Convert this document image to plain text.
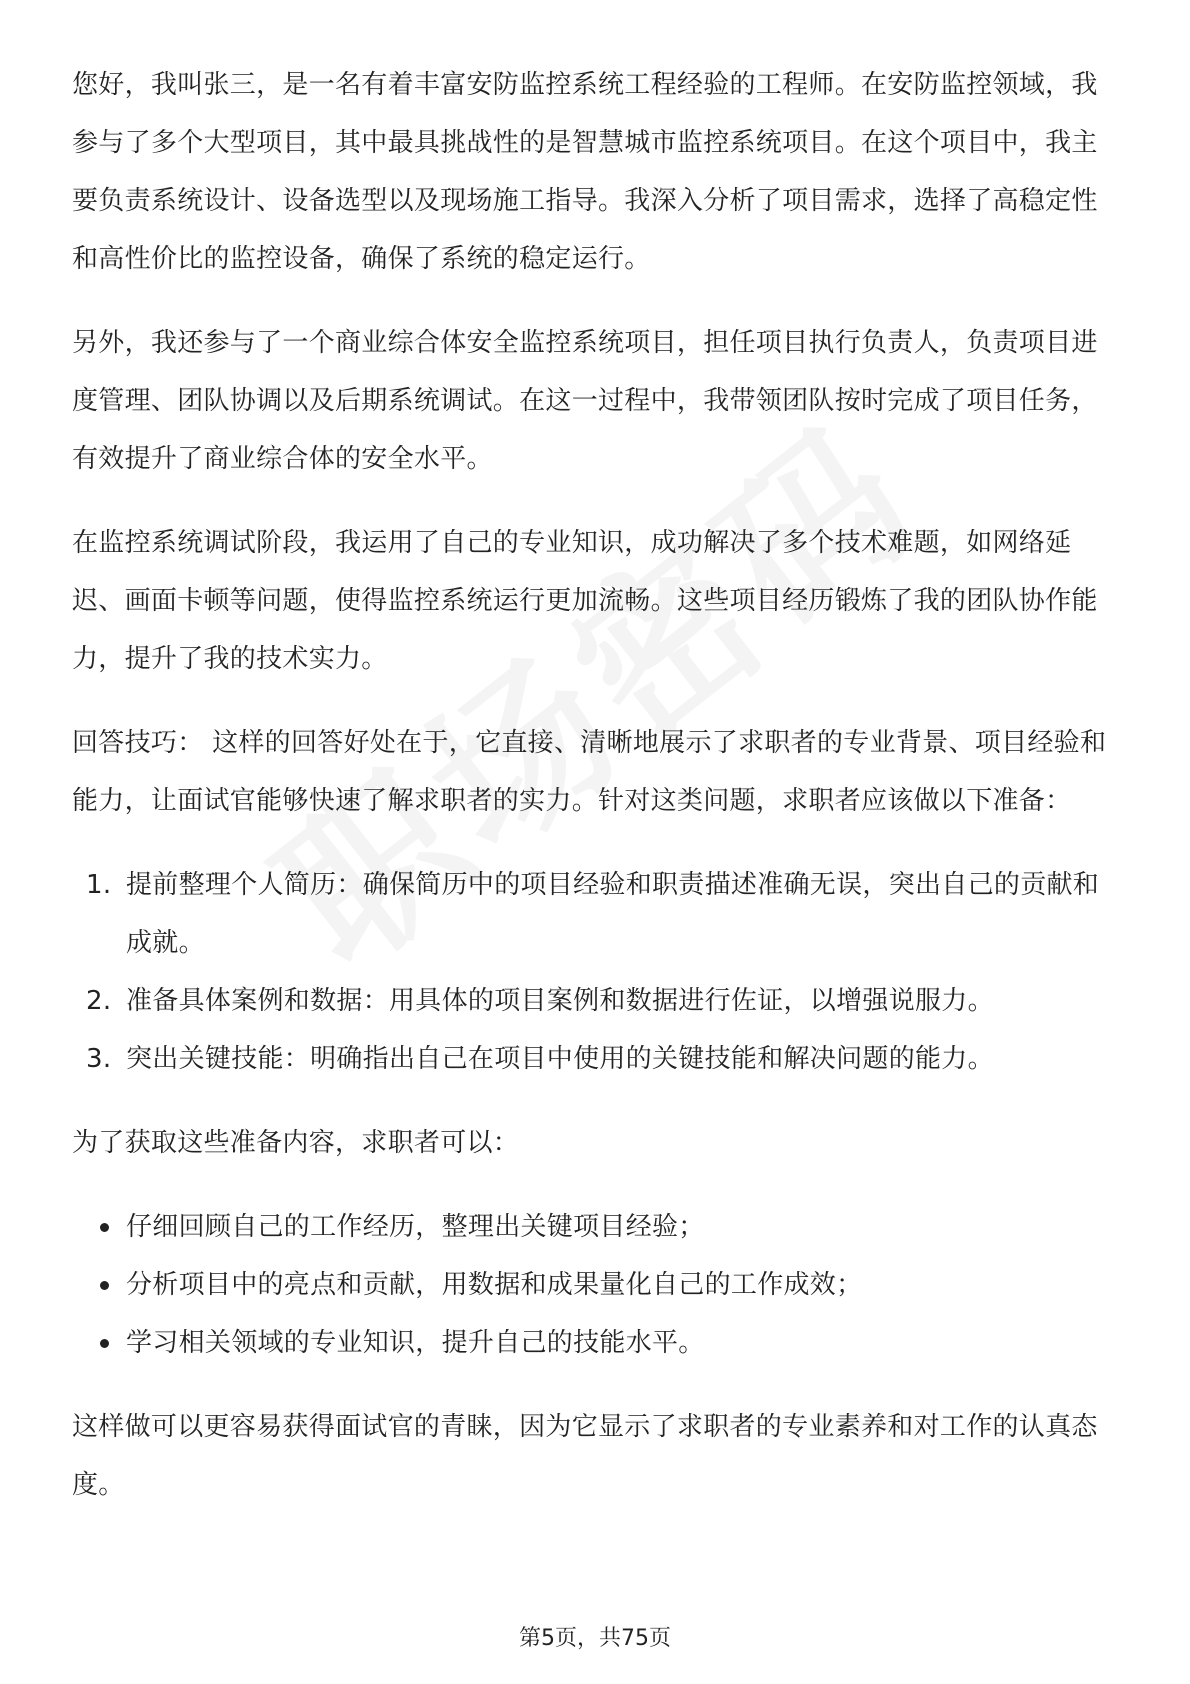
您好，我叫张三，是一名有着丰富安防监控系统工程经验的工程师。在安防监控领域，我参与了多个大型项目，其中最具挑战性的是智慧城市监控系统项目。在这个项目中，我主要负责系统设计、设备选型以及现场施工指导。我深入分析了项目需求，选择了高稳定性和高性价比的监控设备，确保了系统的稳定运行。

另外，我还参与了一个商业综合体安全监控系统项目，担任项目执行负责人，负责项目进度管理、团队协调以及后期系统调试。在这一过程中，我带领团队按时完成了项目任务，有效提升了商业综合体的安全水平。

在监控系统调试阶段，我运用了自己的专业知识，成功解决了多个技术难题，如网络延迟、画面卡顿等问题，使得监控系统运行更加流畅。这些项目经历锻炼了我的团队协作能力，提升了我的技术实力。

回答技巧： 这样的回答好处在于，它直接、清晰地展示了求职者的专业背景、项目经验和能力，让面试官能够快速了解求职者的实力。针对这类问题，求职者应该做以下准备：

1. 提前整理个人简历：确保简历中的项目经验和职责描述准确无误，突出自己的贡献和成就。
2. 准备具体案例和数据：用具体的项目案例和数据进行佐证，以增强说服力。
3. 突出关键技能：明确指出自己在项目中使用的关键技能和解决问题的能力。

为了获取这些准备内容，求职者可以：

仔细回顾自己的工作经历，整理出关键项目经验；
分析项目中的亮点和贡献，用数据和成果量化自己的工作成效；
学习相关领域的专业知识，提升自己的技能水平。

这样做可以更容易获得面试官的青睐，因为它显示了求职者的专业素养和对工作的认真态度。

第5页，共75页
